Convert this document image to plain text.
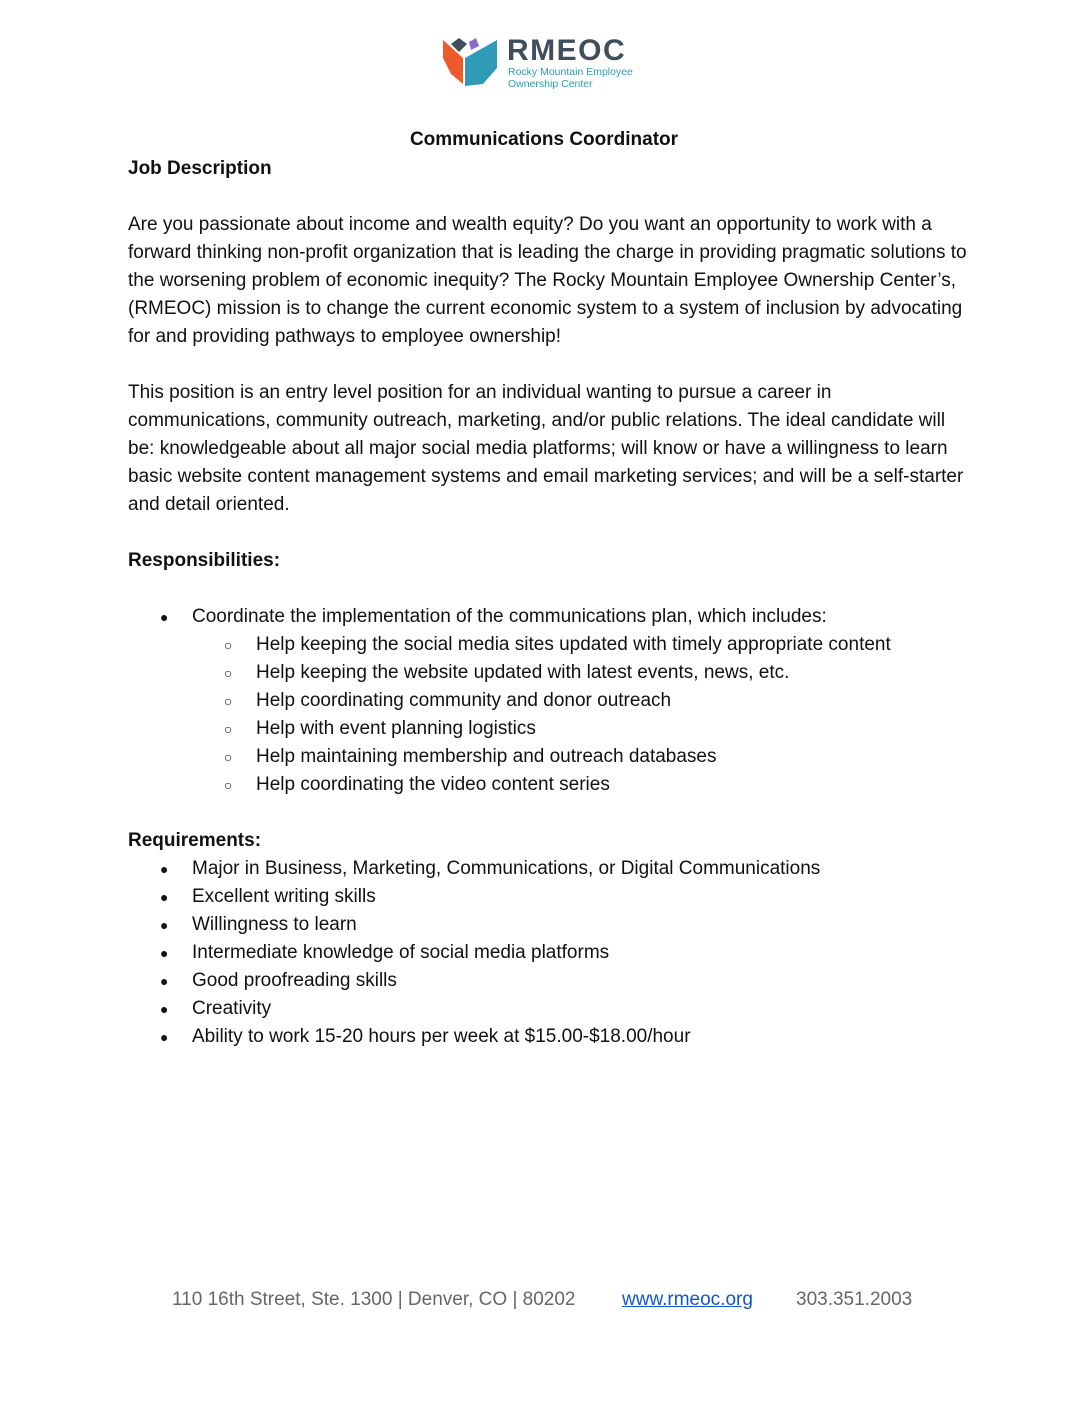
RMEOC
Rocky Mountain Employee
Ownership Center
Communications Coordinator

Job Description

Are you passionate about income and wealth equity? Do you want an opportunity to work with a forward thinking non-profit organization that is leading the charge in providing pragmatic solutions to the worsening problem of economic inequity? The Rocky Mountain Employee Ownership Center’s, (RMEOC) mission is to change the current economic system to a system of inclusion by advocating for and providing pathways to employee ownership!

This position is an entry level position for an individual wanting to pursue a career in communications, community outreach, marketing, and/or public relations. The ideal candidate will be: knowledgeable about all major social media platforms; will know or have a willingness to learn basic website content management systems and email marketing services; and will be a self-starter and detail oriented.

Responsibilities:

● Coordinate the implementation of the communications plan, which includes:
○ Help keeping the social media sites updated with timely appropriate content
○ Help keeping the website updated with latest events, news, etc.
○ Help coordinating community and donor outreach
○ Help with event planning logistics
○ Help maintaining membership and outreach databases
○ Help coordinating the video content series

Requirements:

● Major in Business, Marketing, Communications, or Digital Communications
● Excellent writing skills
● Willingness to learn
● Intermediate knowledge of social media platforms
● Good proofreading skills
● Creativity
● Ability to work 15-20 hours per week at $15.00-$18.00/hour
110 16th Street, Ste. 1300 | Denver, CO | 80202 www.rmeoc.org 303.351.2003
